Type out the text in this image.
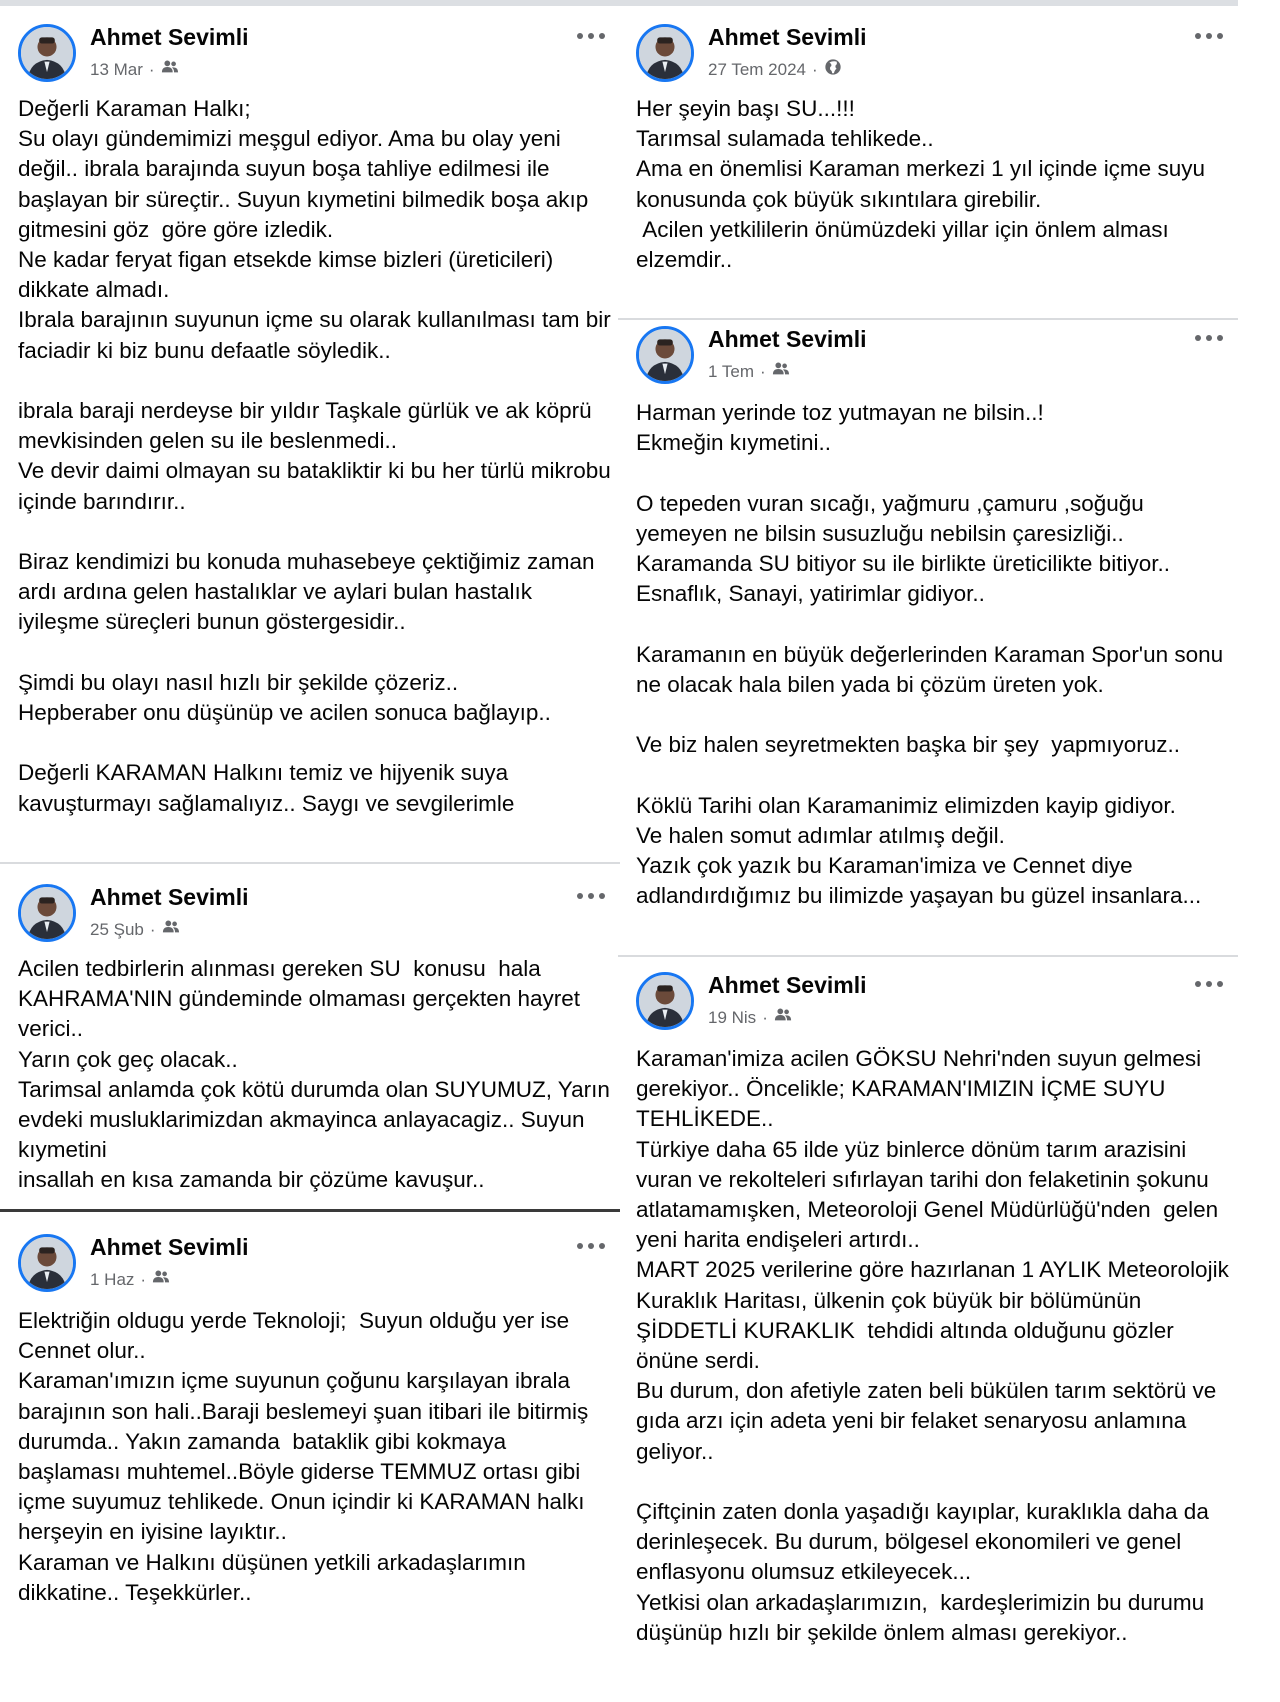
Ahmet Sevimli
13 Mar ·

Değerli Karaman Halkı;
Su olayı gündemimizi meşgul ediyor. Ama bu olay yeni değil.. ibrala barajında suyun boşa tahliye edilmesi ile başlayan bir süreçtir.. Suyun kıymetini bilmedik boşa akıp gitmesini göz  göre göre izledik.
Ne kadar feryat figan etsekde kimse bizleri (üreticileri) dikkate almadı.
Ibrala barajının suyunun içme su olarak kullanılması tam bir faciadir ki biz bunu defaatle söyledik..

ibrala baraji nerdeyse bir yıldır Taşkale gürlük ve ak köprü mevkisinden gelen su ile beslenmedi..
Ve devir daimi olmayan su batakliktir ki bu her türlü mikrobu içinde barındırır..

Biraz kendimizi bu konuda muhasebeye çektiğimiz zaman ardı ardına gelen hastalıklar ve aylari bulan hastalık iyileşme süreçleri bunun göstergesidir..

Şimdi bu olayı nasıl hızlı bir şekilde çözeriz..
Hepberaber onu düşünüp ve acilen sonuca bağlayıp..

Değerli KARAMAN Halkını temiz ve hijyenik suya kavuşturmayı sağlamalıyız.. Saygı ve sevgilerimle

Ahmet Sevimli
25 Şub ·

Acilen tedbirlerin alınması gereken SU  konusu  hala KAHRAMA'NIN gündeminde olmaması gerçekten hayret verici..
Yarın çok geç olacak..
Tarimsal anlamda çok kötü durumda olan SUYUMUZ, Yarın evdeki musluklarimizdan akmayinca anlayacagiz.. Suyun kıymetini
insallah en kısa zamanda bir çözüme kavuşur..

Ahmet Sevimli
1 Haz ·

Elektriğin oldugu yerde Teknoloji;  Suyun olduğu yer ise Cennet olur..
Karaman'ımızın içme suyunun çoğunu karşılayan ibrala barajının son hali..Baraji beslemeyi şuan itibari ile bitirmiş durumda.. Yakın zamanda  bataklik gibi kokmaya başlaması muhtemel..Böyle giderse TEMMUZ ortası gibi içme suyumuz tehlikede. Onun içindir ki KARAMAN halkı herşeyin en iyisine layıktır..
Karaman ve Halkını düşünen yetkili arkadaşlarımın dikkatine.. Teşekkürler..

Ahmet Sevimli
27 Tem 2024 ·

Her şeyin başı SU...!!!
Tarımsal sulamada tehlikede..
Ama en önemlisi Karaman merkezi 1 yıl içinde içme suyu konusunda çok büyük sıkıntılara girebilir.
Acilen yetkililerin önümüzdeki yillar için önlem alması elzemdir..

Ahmet Sevimli
1 Tem ·

Harman yerinde toz yutmayan ne bilsin..!
Ekmeğin kıymetini..

O tepeden vuran sıcağı, yağmuru ,çamuru ,soğuğu yemeyen ne bilsin susuzluğu nebilsin çaresizliği..
Karamanda SU bitiyor su ile birlikte üreticilikte bitiyor..
Esnaflık, Sanayi, yatirimlar gidiyor..

Karamanın en büyük değerlerinden Karaman Spor'un sonu ne olacak hala bilen yada bi çözüm üreten yok.

Ve biz halen seyretmekten başka bir şey  yapmıyoruz..

Köklü Tarihi olan Karamanimiz elimizden kayip gidiyor.
Ve halen somut adımlar atılmış değil.
Yazık çok yazık bu Karaman'imiza ve Cennet diye adlandırdığımız bu ilimizde yaşayan bu güzel insanlara...

Ahmet Sevimli
19 Nis ·

Karaman'imiza acilen GÖKSU Nehri'nden suyun gelmesi gerekiyor.. Öncelikle; KARAMAN'IMIZIN İÇME SUYU TEHLİKEDE..
Türkiye daha 65 ilde yüz binlerce dönüm tarım arazisini vuran ve rekolteleri sıfırlayan tarihi don felaketinin şokunu atlatamamışken, Meteoroloji Genel Müdürlüğü'nden  gelen yeni harita endişeleri artırdı..
MART 2025 verilerine göre hazırlanan 1 AYLIK Meteorolojik Kuraklık Haritası, ülkenin çok büyük bir bölümünün  ŞİDDETLİ KURAKLIK  tehdidi altında olduğunu gözler önüne serdi.
Bu durum, don afetiyle zaten beli bükülen tarım sektörü ve gıda arzı için adeta yeni bir felaket senaryosu anlamına geliyor..

Çiftçinin zaten donla yaşadığı kayıplar, kuraklıkla daha da derinleşecek. Bu durum, bölgesel ekonomileri ve genel enflasyonu olumsuz etkileyecek...
Yetkisi olan arkadaşlarımızın,  kardeşlerimizin bu durumu düşünüp hızlı bir şekilde önlem alması gerekiyor..
